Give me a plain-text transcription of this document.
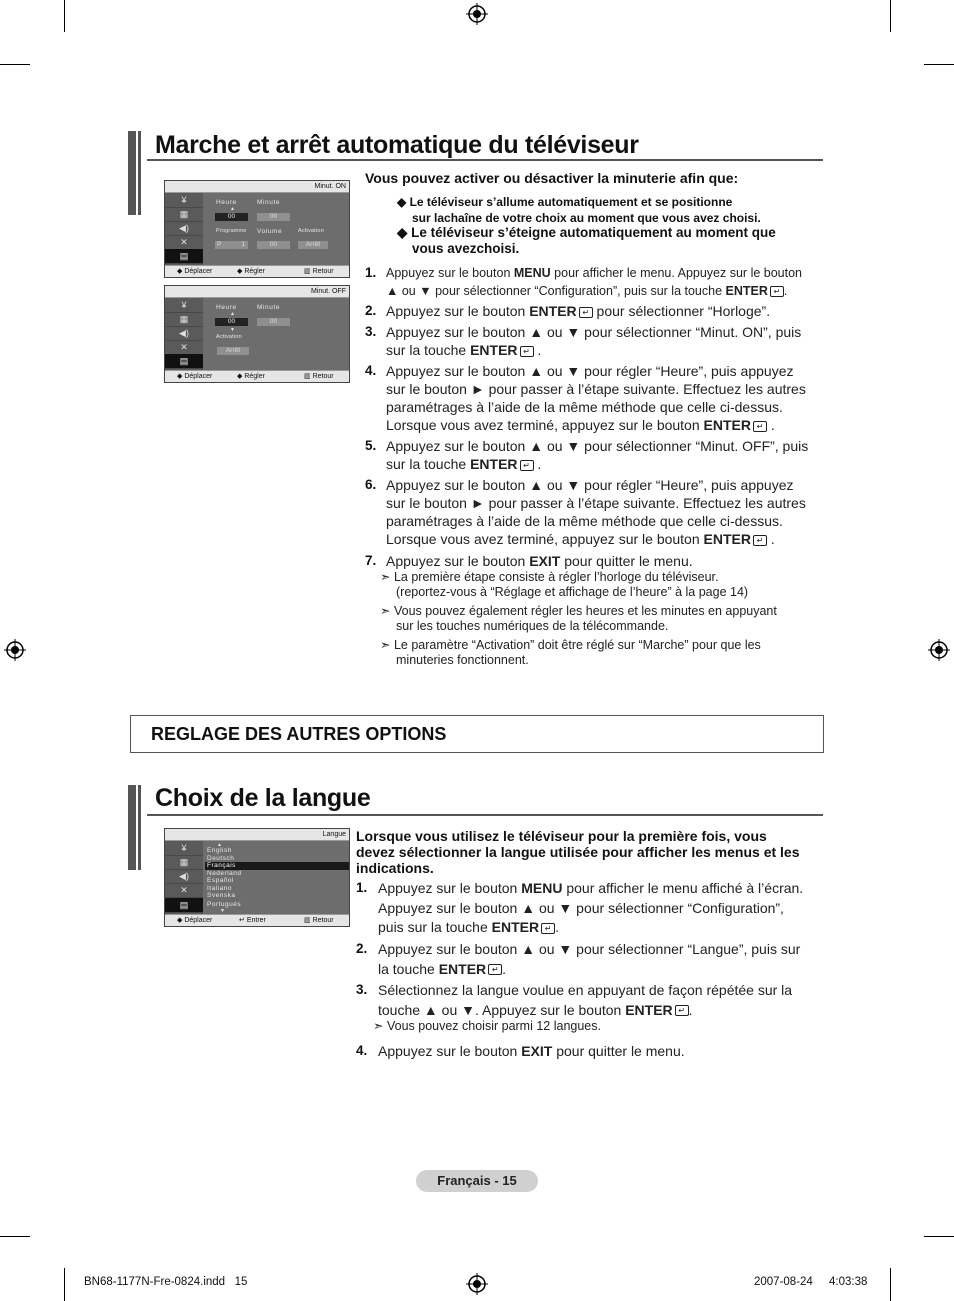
Marche et arrêt automatique du téléviseur
Minut. ON
¥
▦
◀)
✕
▤
Heure	Minute
▲
00	00
Programme Volume	Activation
P	1	00	Arrêt
◆ Déplacer	◆ Régler	▥ Retour
Minut. OFF
¥
▦
◀)
✕
▤
Heure	Minute
▲
00	00
▼
Activation
Arrêt
◆ Déplacer	◆ Régler	▥ Retour
Vous pouvez activer ou désactiver la minuterie afin que:
◆ Le téléviseur s’allume automatiquement et se positionne
sur lachaîne de votre choix au moment que vous avez choisi.
◆ Le téléviseur s’éteigne automatiquement au moment que
vous avezchoisi.
1. Appuyez sur le bouton MENU pour afficher le menu. Appuyez sur le bouton
▲ ou ▼ pour sélectionner “Configuration”, puis sur la touche ENTER ↵ .
2. Appuyez sur le bouton ENTER ↵ pour sélectionner “Horloge”.
3. Appuyez sur le bouton ▲ ou ▼ pour sélectionner “Minut. ON”, puis
sur la touche ENTER ↵ .
4. Appuyez sur le bouton ▲ ou ▼ pour régler “Heure”, puis appuyez
sur le bouton ► pour passer à l’étape suivante. Effectuez les autres
paramétrages à l’aide de la même méthode que celle ci-dessus.
Lorsque vous avez terminé, appuyez sur le bouton ENTER ↵ .
5. Appuyez sur le bouton ▲ ou ▼ pour sélectionner “Minut. OFF”, puis
sur la touche ENTER ↵ .
6. Appuyez sur le bouton ▲ ou ▼ pour régler “Heure”, puis appuyez
sur le bouton ► pour passer à l’étape suivante. Effectuez les autres
paramétrages à l’aide de la même méthode que celle ci-dessus.
Lorsque vous avez terminé, appuyez sur le bouton ENTER ↵ .
7. Appuyez sur le bouton EXIT pour quitter le menu.
➣ La première étape consiste à régler l’horloge du téléviseur.
(reportez-vous à “Réglage et affichage de l’heure” à la page 14)
➣ Vous pouvez également régler les heures et les minutes en appuyant
sur les touches numériques de la télécommande.
➣ Le paramètre “Activation” doit être réglé sur “Marche” pour que les
minuteries fonctionnent.
REGLAGE DES AUTRES OPTIONS
Choix de la langue
Langue
¥
▦
◀)
✕
▤
▲
English
Deutsch
Français
Nederland
Español
Italiano
Svenska
Portugués
▼
◆ Déplacer	↵ Entrer	▥ Retour
Lorsque vous utilisez le téléviseur pour la première fois, vous
devez sélectionner la langue utilisée pour afficher les menus et les
indications.
1. Appuyez sur le bouton MENU pour afficher le menu affiché à l’écran.
Appuyez sur le bouton ▲ ou ▼ pour sélectionner “Configuration”,
puis sur la touche ENTER ↵ .
2. Appuyez sur le bouton ▲ ou ▼ pour sélectionner “Langue”, puis sur
la touche ENTER ↵ .
3. Sélectionnez la langue voulue en appuyant de façon répétée sur la
touche ▲ ou ▼. Appuyez sur le bouton ENTER ↵ .
➣ Vous pouvez choisir parmi 12 langues.
4. Appuyez sur le bouton EXIT pour quitter le menu.
Français - 15
BN68-1177N-Fre-0824.indd   15	2007-08-24 4:03:38
